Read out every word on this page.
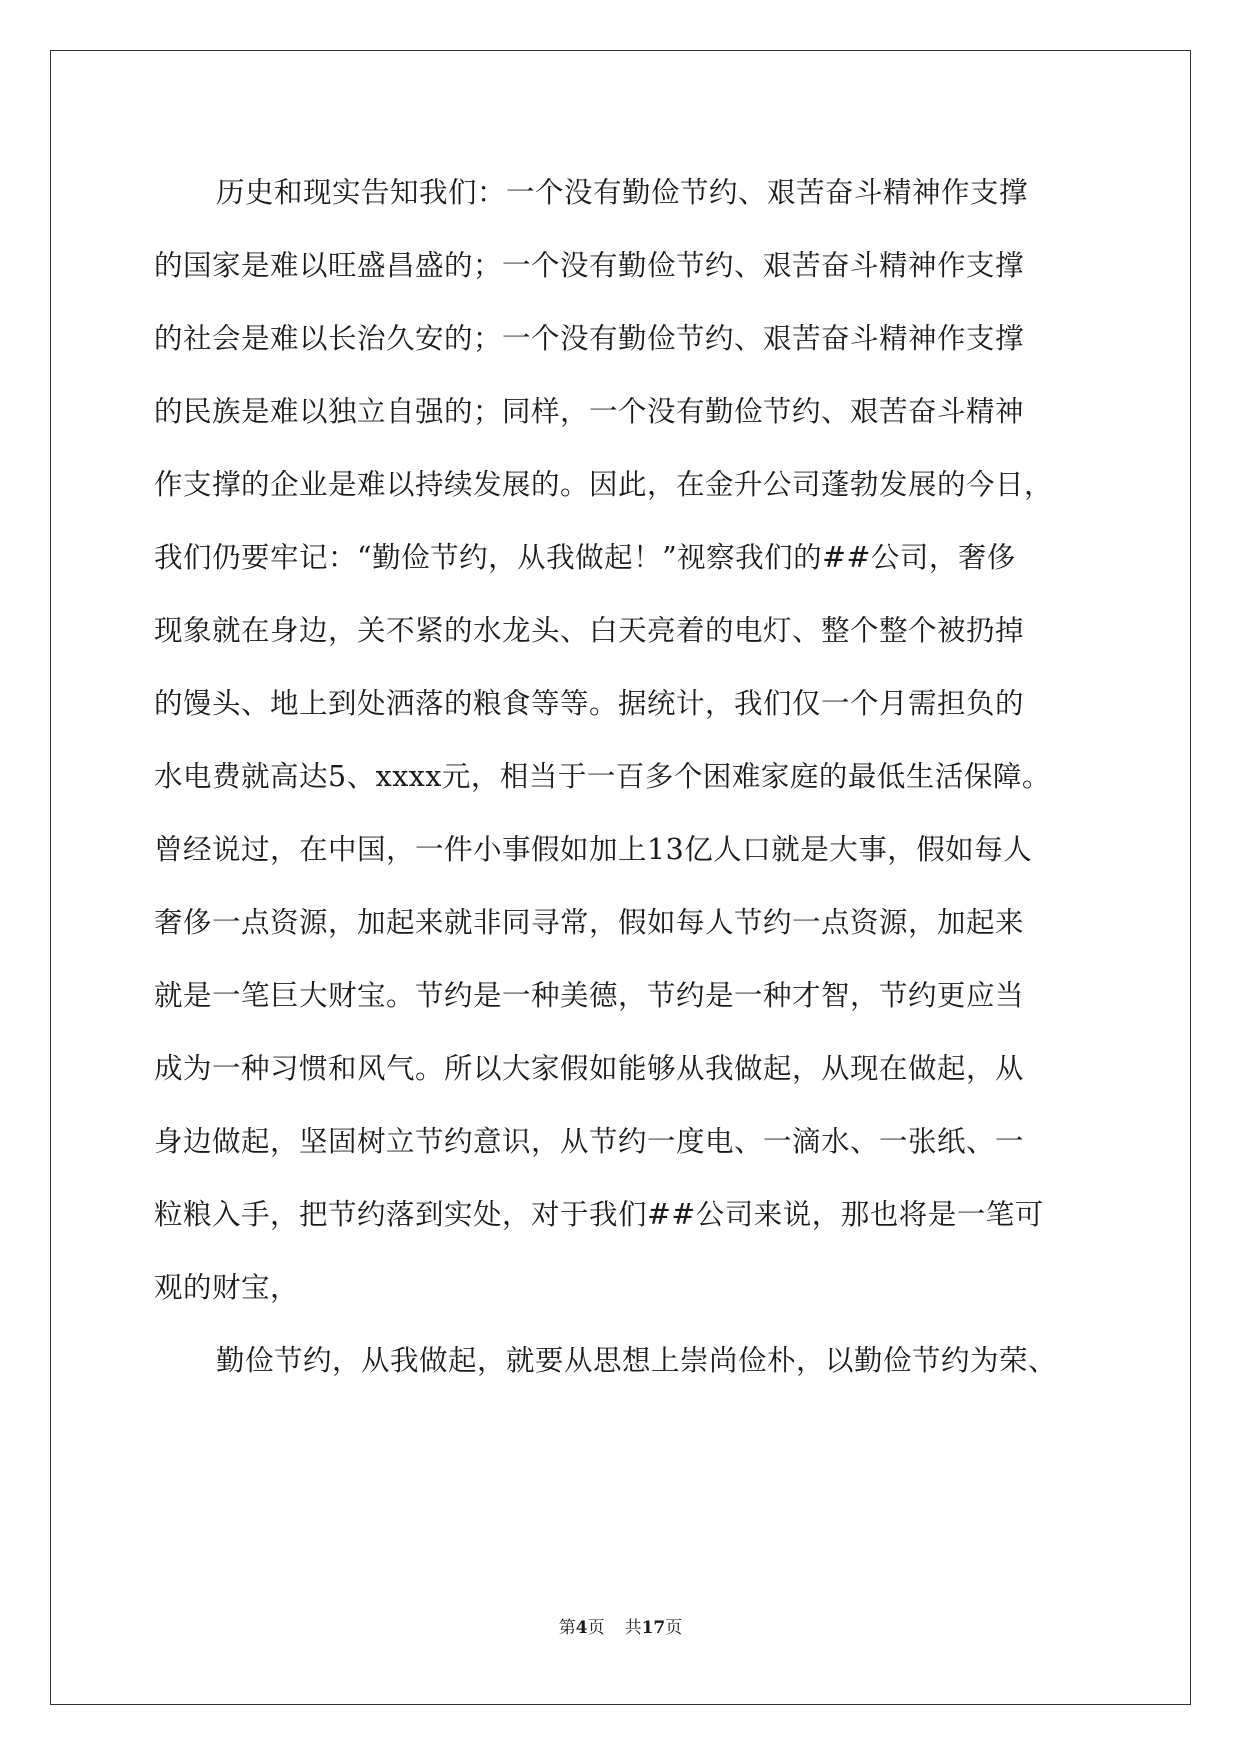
历史和现实告知我们：一个没有勤俭节约、艰苦奋斗精神作支撑
的国家是难以旺盛昌盛的；一个没有勤俭节约、艰苦奋斗精神作支撑
的社会是难以长治久安的；一个没有勤俭节约、艰苦奋斗精神作支撑
的民族是难以独立自强的；同样，一个没有勤俭节约、艰苦奋斗精神
作支撑的企业是难以持续发展的。因此，在金升公司蓬勃发展的今日，
我们仍要牢记：“勤俭节约，从我做起！”视察我们的##公司，奢侈
现象就在身边，关不紧的水龙头、白天亮着的电灯、整个整个被扔掉
的馒头、地上到处洒落的粮食等等。据统计，我们仅一个月需担负的
水电费就高达5、xxxx元，相当于一百多个困难家庭的最低生活保障。
曾经说过，在中国，一件小事假如加上13亿人口就是大事，假如每人
奢侈一点资源，加起来就非同寻常，假如每人节约一点资源，加起来
就是一笔巨大财宝。节约是一种美德，节约是一种才智，节约更应当
成为一种习惯和风气。所以大家假如能够从我做起，从现在做起，从
身边做起，坚固树立节约意识，从节约一度电、一滴水、一张纸、一
粒粮入手，把节约落到实处，对于我们##公司来说，那也将是一笔可
观的财宝，
勤俭节约，从我做起，就要从思想上崇尚俭朴，以勤俭节约为荣、
第4页 共17页
